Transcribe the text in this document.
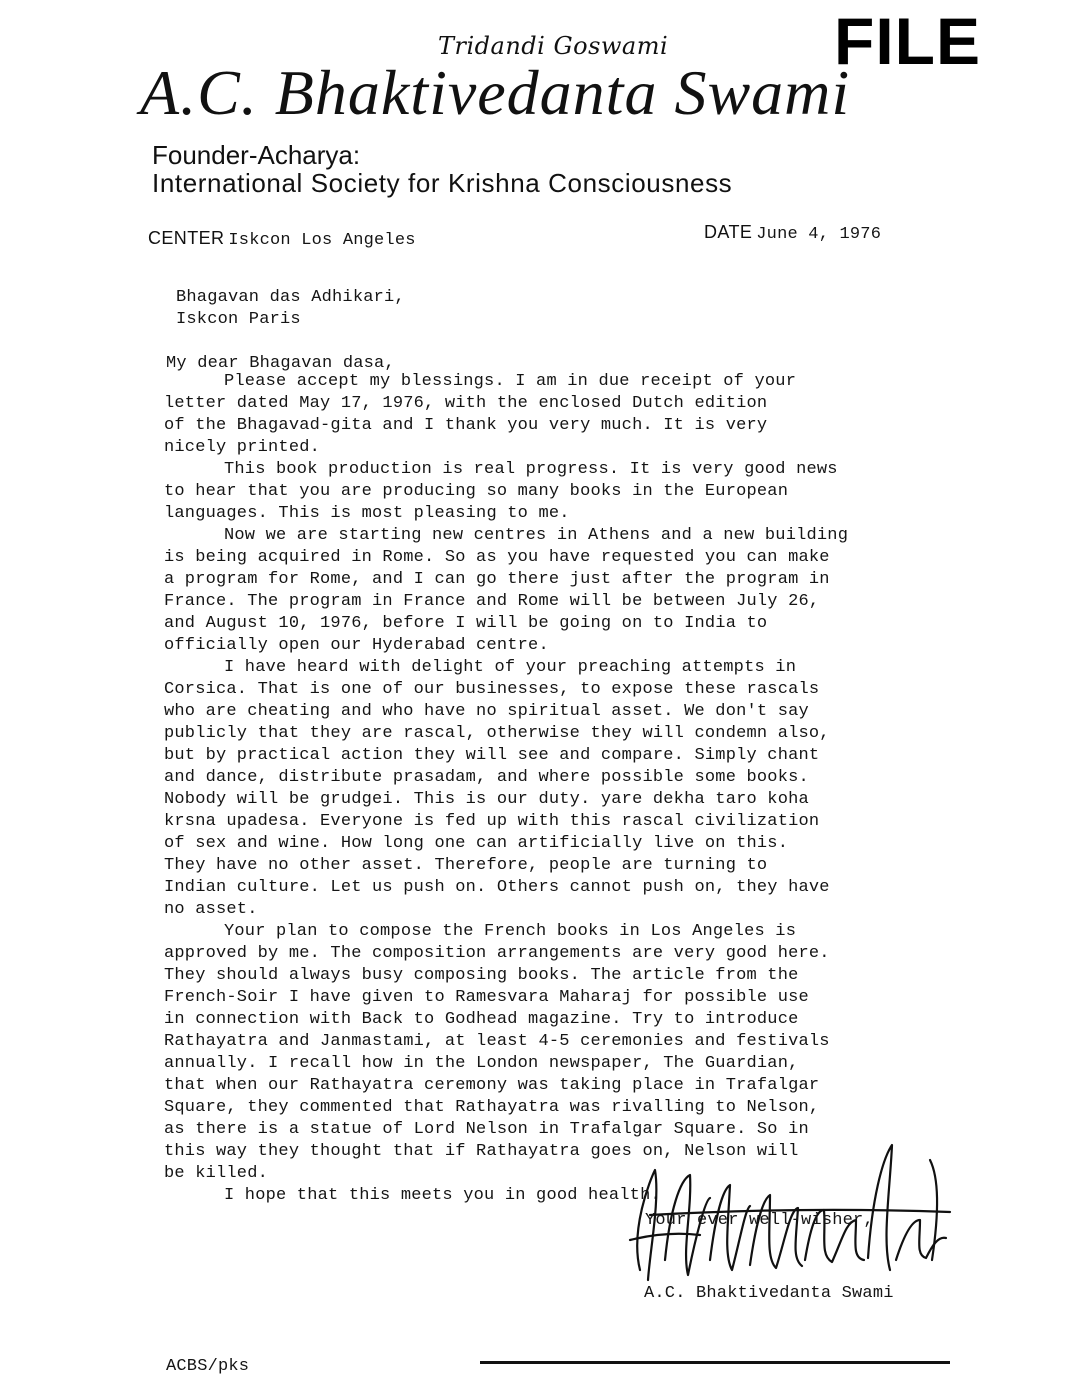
FILE
Tridandi Goswami
A.C. Bhaktivedanta Swami
Founder-Acharya:
International Society for Krishna Consciousness
CENTER Iskcon Los Angeles	DATE June 4, 1976
Bhagavan das Adhikari,
Iskcon Paris
My dear Bhagavan dasa,
Please accept my blessings. I am in due receipt of your
letter dated May 17, 1976, with the enclosed Dutch edition
of the Bhagavad-gita and I thank you very much. It is very
nicely printed.
This book production is real progress. It is very good news
to hear that you are producing so many books in the European
languages. This is most pleasing to me.
Now we are starting new centres in Athens and a new building
is being acquired in Rome. So as you have requested you can make
a program for Rome, and I can go there just after the program in
France. The program in France and Rome will be between July 26,
and August 10, 1976, before I will be going on to India to
officially open our Hyderabad centre.
I have heard with delight of your preaching attempts in
Corsica. That is one of our businesses, to expose these rascals
who are cheating and who have no spiritual asset. We don't say
publicly that they are rascal, otherwise they will condemn also,
but by practical action they will see and compare. Simply chant
and dance, distribute prasadam, and where possible some books.
Nobody will be grudgei. This is our duty. yare dekha taro koha
krsna upadesa. Everyone is fed up with this rascal civilization
of sex and wine. How long one can artificially live on this.
They have no other asset. Therefore, people are turning to
Indian culture. Let us push on. Others cannot push on, they have
no asset.
Your plan to compose the French books in Los Angeles is
approved by me. The composition arrangements are very good here.
They should always busy composing books. The article from the
French-Soir I have given to Ramesvara Maharaj for possible use
in connection with Back to Godhead magazine. Try to introduce
Rathayatra and Janmastami, at least 4-5 ceremonies and festivals
annually. I recall how in the London newspaper, The Guardian,
that when our Rathayatra ceremony was taking place in Trafalgar
Square, they commented that Rathayatra was rivalling to Nelson,
as there is a statue of Lord Nelson in Trafalgar Square. So in
this way they thought that if Rathayatra goes on, Nelson will
be killed.
I hope that this meets you in good health.
Your ever well-wisher,
A.C. Bhaktivedanta Swami
ACBS/pks
